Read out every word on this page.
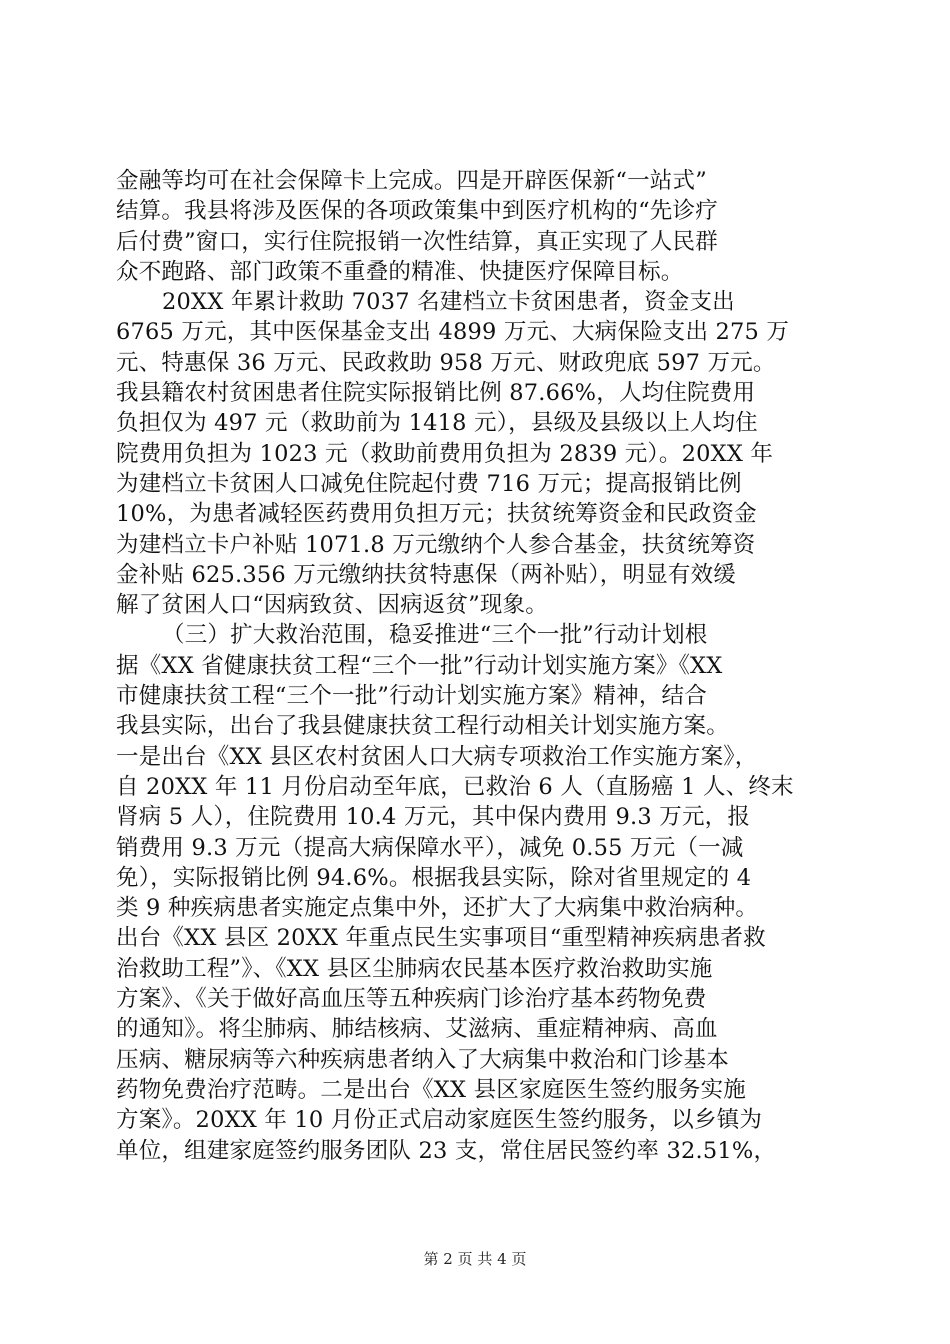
金融等均可在社会保障卡上完成。四是开辟医保新“一站式”
结算。我县将涉及医保的各项政策集中到医疗机构的“先诊疗
后付费”窗口，实行住院报销一次性结算，真正实现了人民群
众不跑路、部门政策不重叠的精准、快捷医疗保障目标。
20XX 年累计救助 7037 名建档立卡贫困患者，资金支出
6765 万元，其中医保基金支出 4899 万元、大病保险支出 275 万
元、特惠保 36 万元、民政救助 958 万元、财政兜底 597 万元。
我县籍农村贫困患者住院实际报销比例 87.66%，人均住院费用
负担仅为 497 元（救助前为 1418 元），县级及县级以上人均住
院费用负担为 1023 元（救助前费用负担为 2839 元）。20XX 年
为建档立卡贫困人口减免住院起付费 716 万元；提高报销比例
10%，为患者减轻医药费用负担万元；扶贫统筹资金和民政资金
为建档立卡户补贴 1071.8 万元缴纳个人参合基金，扶贫统筹资
金补贴 625.356 万元缴纳扶贫特惠保（两补贴），明显有效缓
解了贫困人口“因病致贫、因病返贫”现象。
（三）扩大救治范围，稳妥推进“三个一批”行动计划根
据《XX 省健康扶贫工程“三个一批”行动计划实施方案》《XX
市健康扶贫工程“三个一批”行动计划实施方案》精神，结合
我县实际，出台了我县健康扶贫工程行动相关计划实施方案。
一是出台《XX 县区农村贫困人口大病专项救治工作实施方案》，
自 20XX 年 11 月份启动至年底，已救治 6 人（直肠癌 1 人、终末
肾病 5 人），住院费用 10.4 万元，其中保内费用 9.3 万元，报
销费用 9.3 万元（提高大病保障水平），减免 0.55 万元（一减
免），实际报销比例 94.6%。根据我县实际，除对省里规定的 4
类 9 种疾病患者实施定点集中外，还扩大了大病集中救治病种。
出台《XX 县区 20XX 年重点民生实事项目“重型精神疾病患者救
治救助工程”》、《XX 县区尘肺病农民基本医疗救治救助实施
方案》、《关于做好高血压等五种疾病门诊治疗基本药物免费
的通知》。将尘肺病、肺结核病、艾滋病、重症精神病、高血
压病、糖尿病等六种疾病患者纳入了大病集中救治和门诊基本
药物免费治疗范畴。二是出台《XX 县区家庭医生签约服务实施
方案》。20XX 年 10 月份正式启动家庭医生签约服务，以乡镇为
单位，组建家庭签约服务团队 23 支，常住居民签约率 32.51%，
第 2 页 共 4 页
